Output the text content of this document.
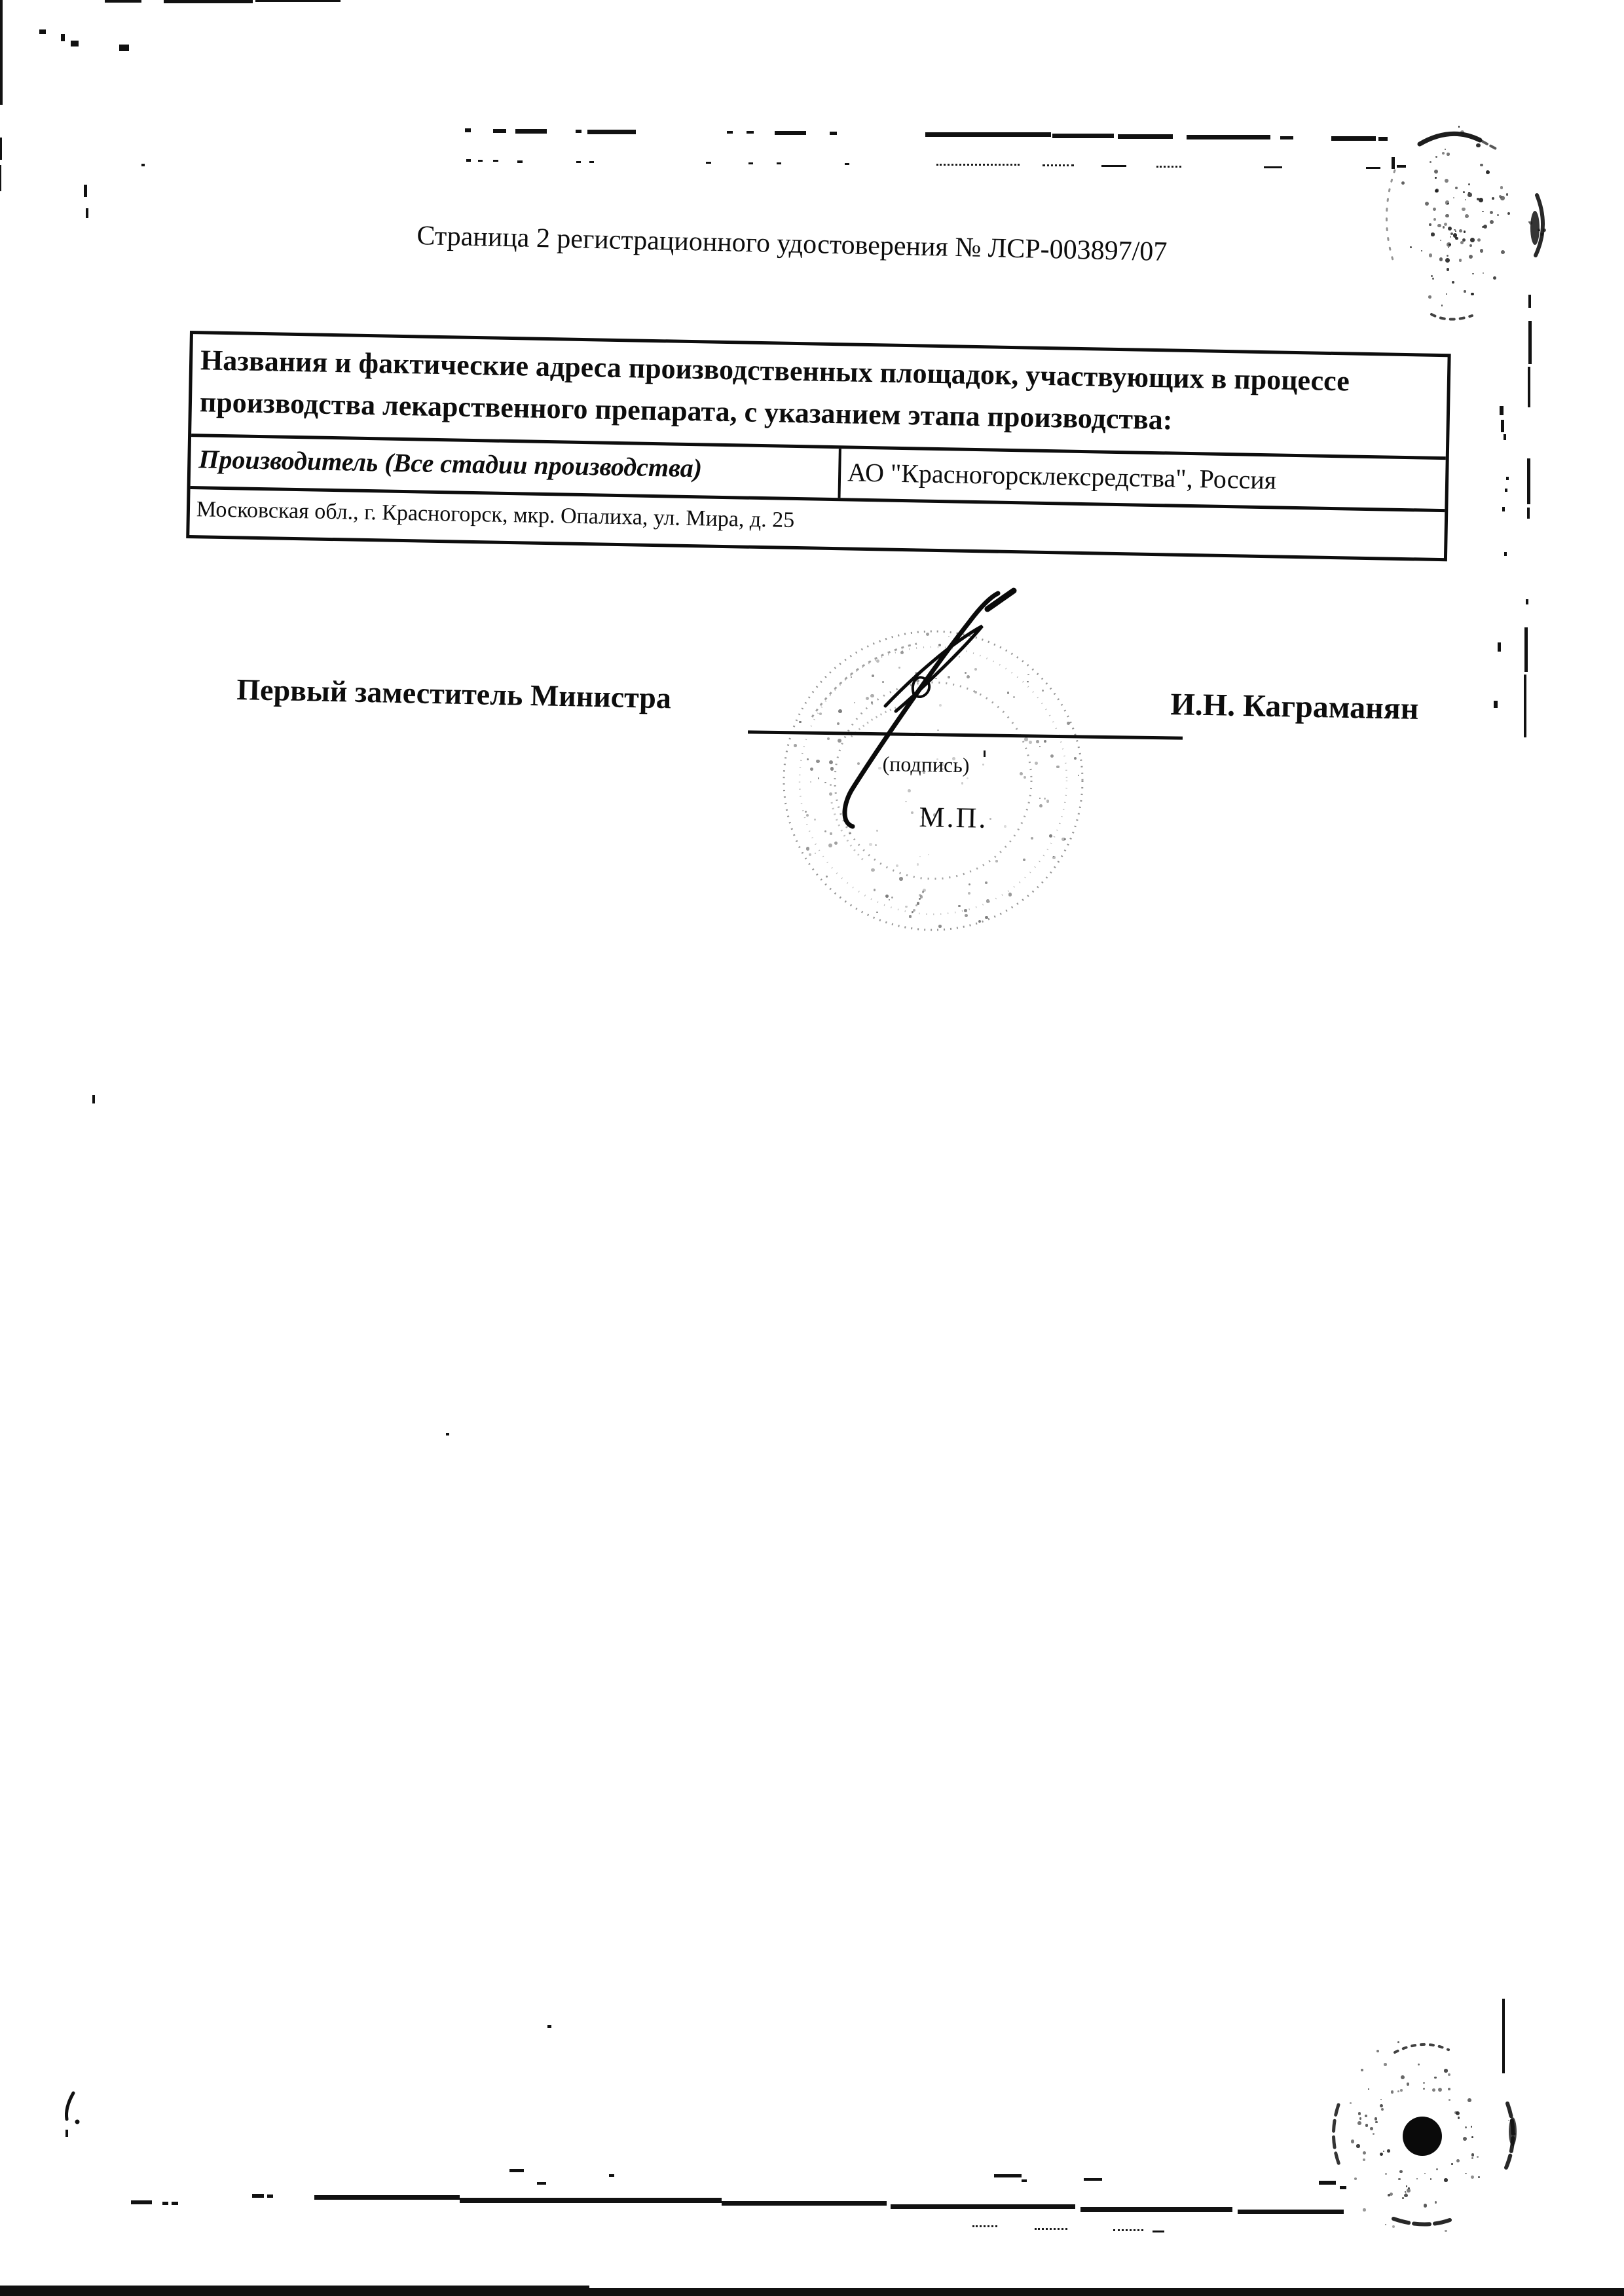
Страница 2 регистрационного удостоверения № ЛСР-003897/07
Названия и фактические адреса производственных площадок, участвующих в процессе производства лекарственного препарата, с указанием этапа производства:
Производитель (Все стадии производства)	АО "Красногорсклексредства", Россия
Московская обл., г. Красногорск, мкр. Опалиха, ул. Мира, д. 25
Первый заместитель Министра
(подпись)
М.П.
И.Н. Каграманян
